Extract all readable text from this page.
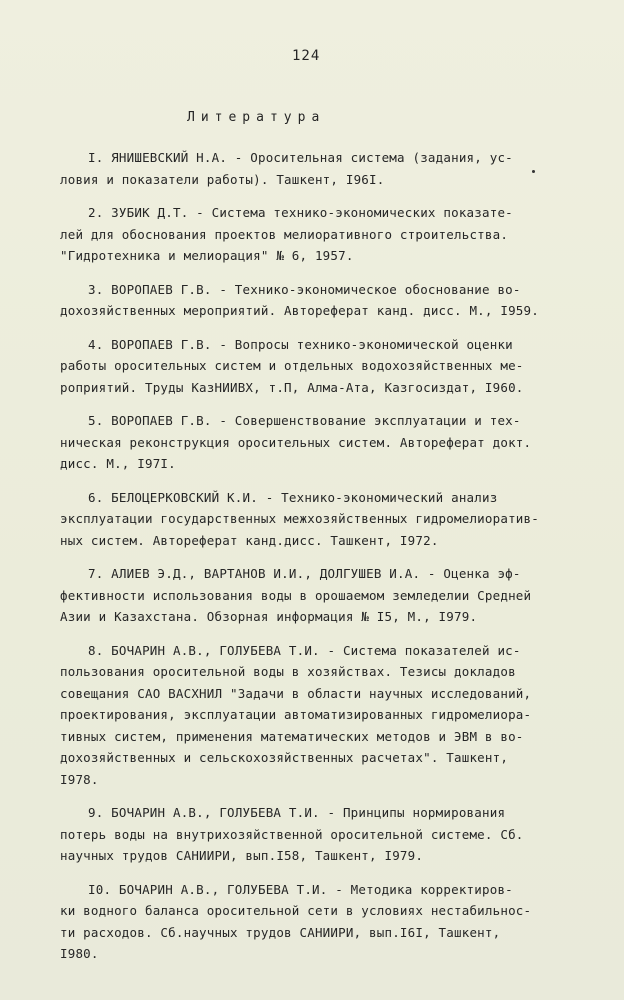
124
Литература
I. ЯНИШЕВСКИЙ Н.А. - Оросительная система (задания, ус-
ловия и показатели работы). Ташкент, I96I.
2. ЗУБИК Д.Т. - Система технико-экономических показате-
лей для обоснования проектов мелиоративного строительства.
"Гидротехника и мелиорация" № 6, 1957.
3. ВОРОПАЕВ Г.В. - Технико-экономическое обоснование во-
дохозяйственных мероприятий. Автореферат канд. дисс. М., I959.
4. ВОРОПАЕВ Г.В. - Вопросы технико-экономической оценки
работы оросительных систем и отдельных водохозяйственных ме-
роприятий. Труды КазНИИВХ, т.П, Алма-Ата, Казгосиздат, I960.
5. ВОРОПАЕВ Г.В. - Совершенствование эксплуатации и тех-
ническая реконструкция оросительных систем. Автореферат докт.
дисс. М., I97I.
6. БЕЛОЦЕРКОВСКИЙ К.И. - Технико-экономический анализ
эксплуатации государственных межхозяйственных гидромелиоратив-
ных систем. Автореферат канд.дисс. Ташкент, I972.
7. АЛИЕВ Э.Д., ВАРТАНОВ И.И., ДОЛГУШЕВ И.А. - Оценка эф-
фективности использования воды в орошаемом земледелии Средней
Азии и Казахстана. Обзорная информация № I5, М., I979.
8. БОЧАРИН А.В., ГОЛУБЕВА Т.И. - Система показателей ис-
пользования оросительной воды в хозяйствах. Тезисы докладов
совещания САО ВАСХНИЛ "Задачи в области научных исследований,
проектирования, эксплуатации автоматизированных гидромелиора-
тивных систем, применения математических методов и ЭВМ в во-
дохозяйственных и сельскохозяйственных расчетах". Ташкент,
I978.
9. БОЧАРИН А.В., ГОЛУБЕВА Т.И. - Принципы нормирования
потерь воды на внутрихозяйственной оросительной системе. Сб.
научных трудов САНИИРИ, вып.I58, Ташкент, I979.
I0. БОЧАРИН А.В., ГОЛУБЕВА Т.И. - Методика корректиров-
ки водного баланса оросительной сети в условиях нестабильнос-
ти расходов. Сб.научных трудов САНИИРИ, вып.I6I, Ташкент,
I980.
